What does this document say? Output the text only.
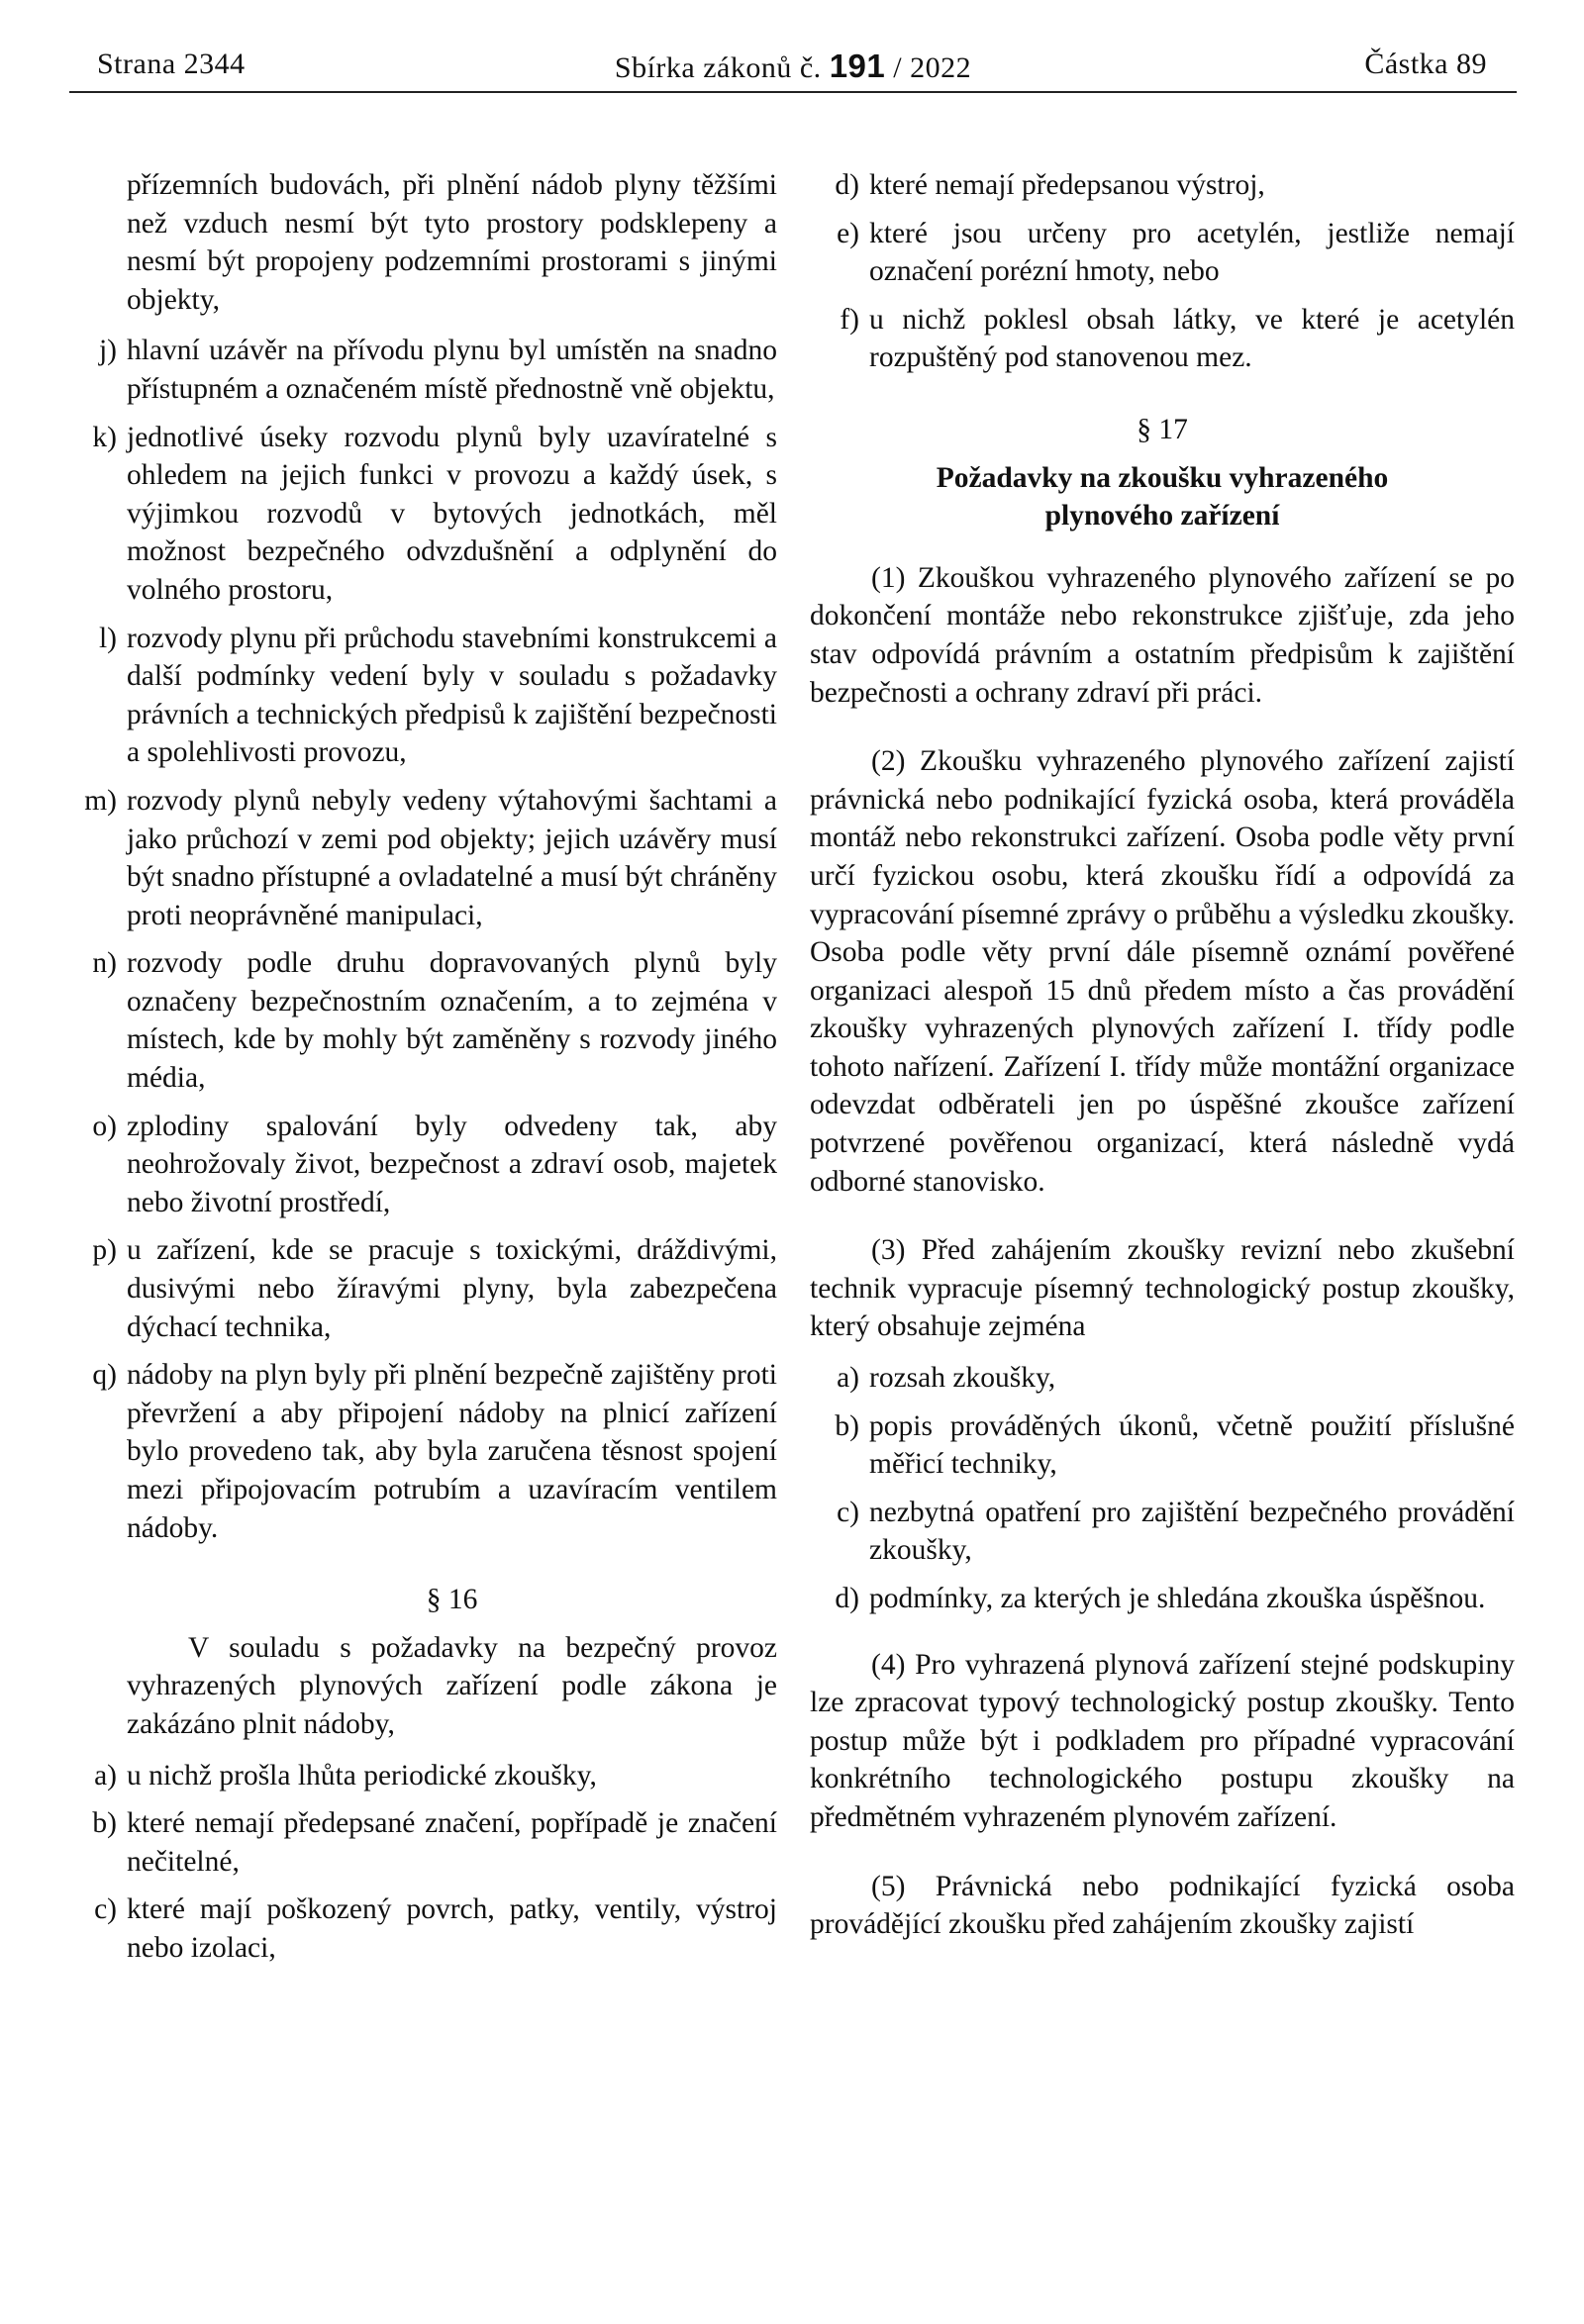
Strana 2344	Sbírka zákonů č. 191 / 2022	Částka 89

přízemních budovách, při plnění nádob plyny těžšími než vzduch nesmí být tyto prostory podsklepeny a nesmí být propojeny podzemními prostorami s jinými objekty,

j) hlavní uzávěr na přívodu plynu byl umístěn na snadno přístupném a označeném místě přednostně vně objektu,
k) jednotlivé úseky rozvodu plynů byly uzavíratelné s ohledem na jejich funkci v provozu a každý úsek, s výjimkou rozvodů v bytových jednotkách, měl možnost bezpečného odvzdušnění a odplynění do volného prostoru,
l) rozvody plynu při průchodu stavebními konstrukcemi a další podmínky vedení byly v souladu s požadavky právních a technických předpisů k zajištění bezpečnosti a spolehlivosti provozu,
m) rozvody plynů nebyly vedeny výtahovými šachtami a jako průchozí v zemi pod objekty; jejich uzávěry musí být snadno přístupné a ovladatelné a musí být chráněny proti neoprávněné manipulaci,
n) rozvody podle druhu dopravovaných plynů byly označeny bezpečnostním označením, a to zejména v místech, kde by mohly být zaměněny s rozvody jiného média,
o) zplodiny spalování byly odvedeny tak, aby neohrožovaly život, bezpečnost a zdraví osob, majetek nebo životní prostředí,
p) u zařízení, kde se pracuje s toxickými, dráždivými, dusivými nebo žíravými plyny, byla zabezpečena dýchací technika,
q) nádoby na plyn byly při plnění bezpečně zajištěny proti převržení a aby připojení nádoby na plnicí zařízení bylo provedeno tak, aby byla zaručena těsnost spojení mezi připojovacím potrubím a uzavíracím ventilem nádoby.
§ 16

V souladu s požadavky na bezpečný provoz vyhrazených plynových zařízení podle zákona je zakázáno plnit nádoby,

a) u nichž prošla lhůta periodické zkoušky,
b) které nemají předepsané značení, popřípadě je značení nečitelné,
c) které mají poškozený povrch, patky, ventily, výstroj nebo izolaci,
d) které nemají předepsanou výstroj,
e) které jsou určeny pro acetylén, jestliže nemají označení porézní hmoty, nebo
f) u nichž poklesl obsah látky, ve které je acetylén rozpuštěný pod stanovenou mez.
§ 17
Požadavky na zkoušku vyhrazeného
plynového zařízení

(1) Zkouškou vyhrazeného plynového zařízení se po dokončení montáže nebo rekonstrukce zjišťuje, zda jeho stav odpovídá právním a ostatním předpisům k zajištění bezpečnosti a ochrany zdraví při práci.

(2) Zkoušku vyhrazeného plynového zařízení zajistí právnická nebo podnikající fyzická osoba, která prováděla montáž nebo rekonstrukci zařízení. Osoba podle věty první určí fyzickou osobu, která zkoušku řídí a odpovídá za vypracování písemné zprávy o průběhu a výsledku zkoušky. Osoba podle věty první dále písemně oznámí pověřené organizaci alespoň 15 dnů předem místo a čas provádění zkoušky vyhrazených plynových zařízení I. třídy podle tohoto nařízení. Zařízení I. třídy může montážní organizace odevzdat odběrateli jen po úspěšné zkoušce zařízení potvrzené pověřenou organizací, která následně vydá odborné stanovisko.

(3) Před zahájením zkoušky revizní nebo zkušební technik vypracuje písemný technologický postup zkoušky, který obsahuje zejména

a) rozsah zkoušky,
b) popis prováděných úkonů, včetně použití příslušné měřicí techniky,
c) nezbytná opatření pro zajištění bezpečného provádění zkoušky,
d) podmínky, za kterých je shledána zkouška úspěšnou.

(4) Pro vyhrazená plynová zařízení stejné podskupiny lze zpracovat typový technologický postup zkoušky. Tento postup může být i podkladem pro případné vypracování konkrétního technologického postupu zkoušky na předmětném vyhrazeném plynovém zařízení.

(5) Právnická nebo podnikající fyzická osoba provádějící zkoušku před zahájením zkoušky zajistí
